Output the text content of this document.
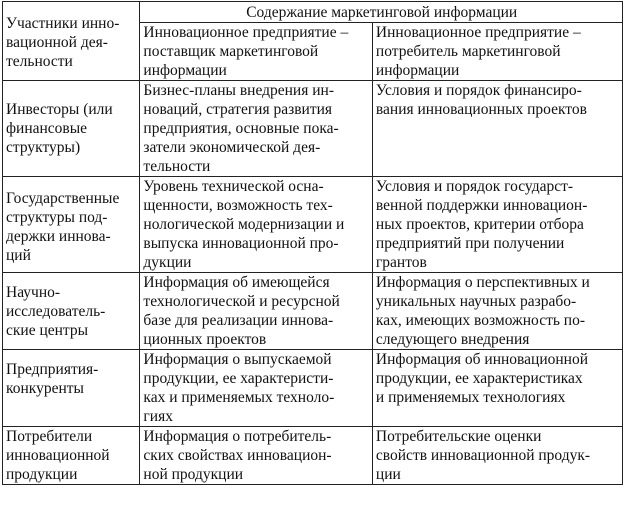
Участники инно-
вационной дея-
тельности	Содержание маркетинговой информации	
	Инновационное предприятие –
поставщик маркетинговой
информации	Инновационное предприятие –
потребитель маркетинговой
информации
Инвесторы (или
финансовые
структуры)	Бизнес-планы внедрения ин-
новаций, стратегия развития
предприятия, основные пока-
затели экономической дея-
тельности	Условия и порядок финансиро-
вания инновационных проектов
Государственные
структуры под-
держки иннова-
ций	Уровень технической осна-
щенности, возможность тех-
нологической модернизации и
выпуска инновационной про-
дукции	Условия и порядок государст-
венной поддержки инновацион-
ных проектов, критерии отбора
предприятий при получении
грантов
Научно-
исследователь-
ские центры	Информация об имеющейся
технологической и ресурсной
базе для реализации иннова-
ционных проектов	Информация о перспективных и
уникальных научных разрабо-
ках, имеющих возможность по-
следующего внедрения
Предприятия-
конкуренты	Информация о выпускаемой
продукции, ее характеристи-
ках и применяемых техноло-
гиях	Информация об инновационной
продукции, ее характеристиках
и применяемых технологиях
Потребители
инновационной
продукции	Информация о потребитель-
ских свойствах инновацион-
ной продукции	Потребительские оценки
свойств инновационной продук-
ции
